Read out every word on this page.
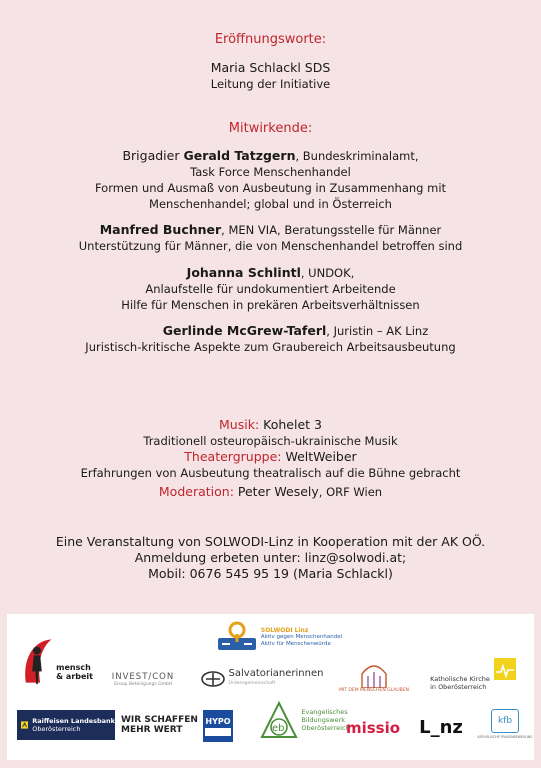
Eröffnungsworte:
Maria Schlackl SDS
Leitung der Initiative
Mitwirkende:
Brigadier Gerald Tatzgern, Bundeskriminalamt,
Task Force Menschenhandel
Formen und Ausmaß von Ausbeutung in Zusammenhang mit
Menschenhandel; global und in Österreich
Manfred Buchner, MEN VIA, Beratungsstelle für Männer
Unterstützung für Männer, die von Menschenhandel betroffen sind
Johanna Schlintl, UNDOK,
Anlaufstelle für undokumentiert Arbeitende
Hilfe für Menschen in prekären Arbeitsverhältnissen
Gerlinde McGrew-Taferl, Juristin – AK Linz
Juristisch-kritische Aspekte zum Graubereich Arbeitsausbeutung
Musik: Kohelet 3
Traditionell osteuropäisch-ukrainische Musik
Theatergruppe: WeltWeiber
Erfahrungen von Ausbeutung theatralisch auf die Bühne gebracht
Moderation: Peter Wesely, ORF Wien
Eine Veranstaltung von SOLWODI-Linz in Kooperation mit der AK OÖ.
Anmeldung erbeten unter: linz@solwodi.at;
Mobil: 0676 545 95 19 (Maria Schlackl)
SOLWODI Linz
Aktiv gegen Menschenhandel
Aktiv für Menschenwürde
mensch
& arbeit INVEST/CON
Group Beteiligungs GmbH
Salvatorianerinnen
Ordensgemeinschaft
MIT DEM MENSCHEN GLAUBEN
Katholische Kirche
in Oberösterreich
Raiffeisen Landesbank
Oberösterreich
WIR SCHAFFEN
MEHR WERT
HYPO
eb
Evangelisches
Bildungswerk
Oberösterreich
missio L_nz	kfb
KATHOLISCHE FRAUENBEWEGUNG
